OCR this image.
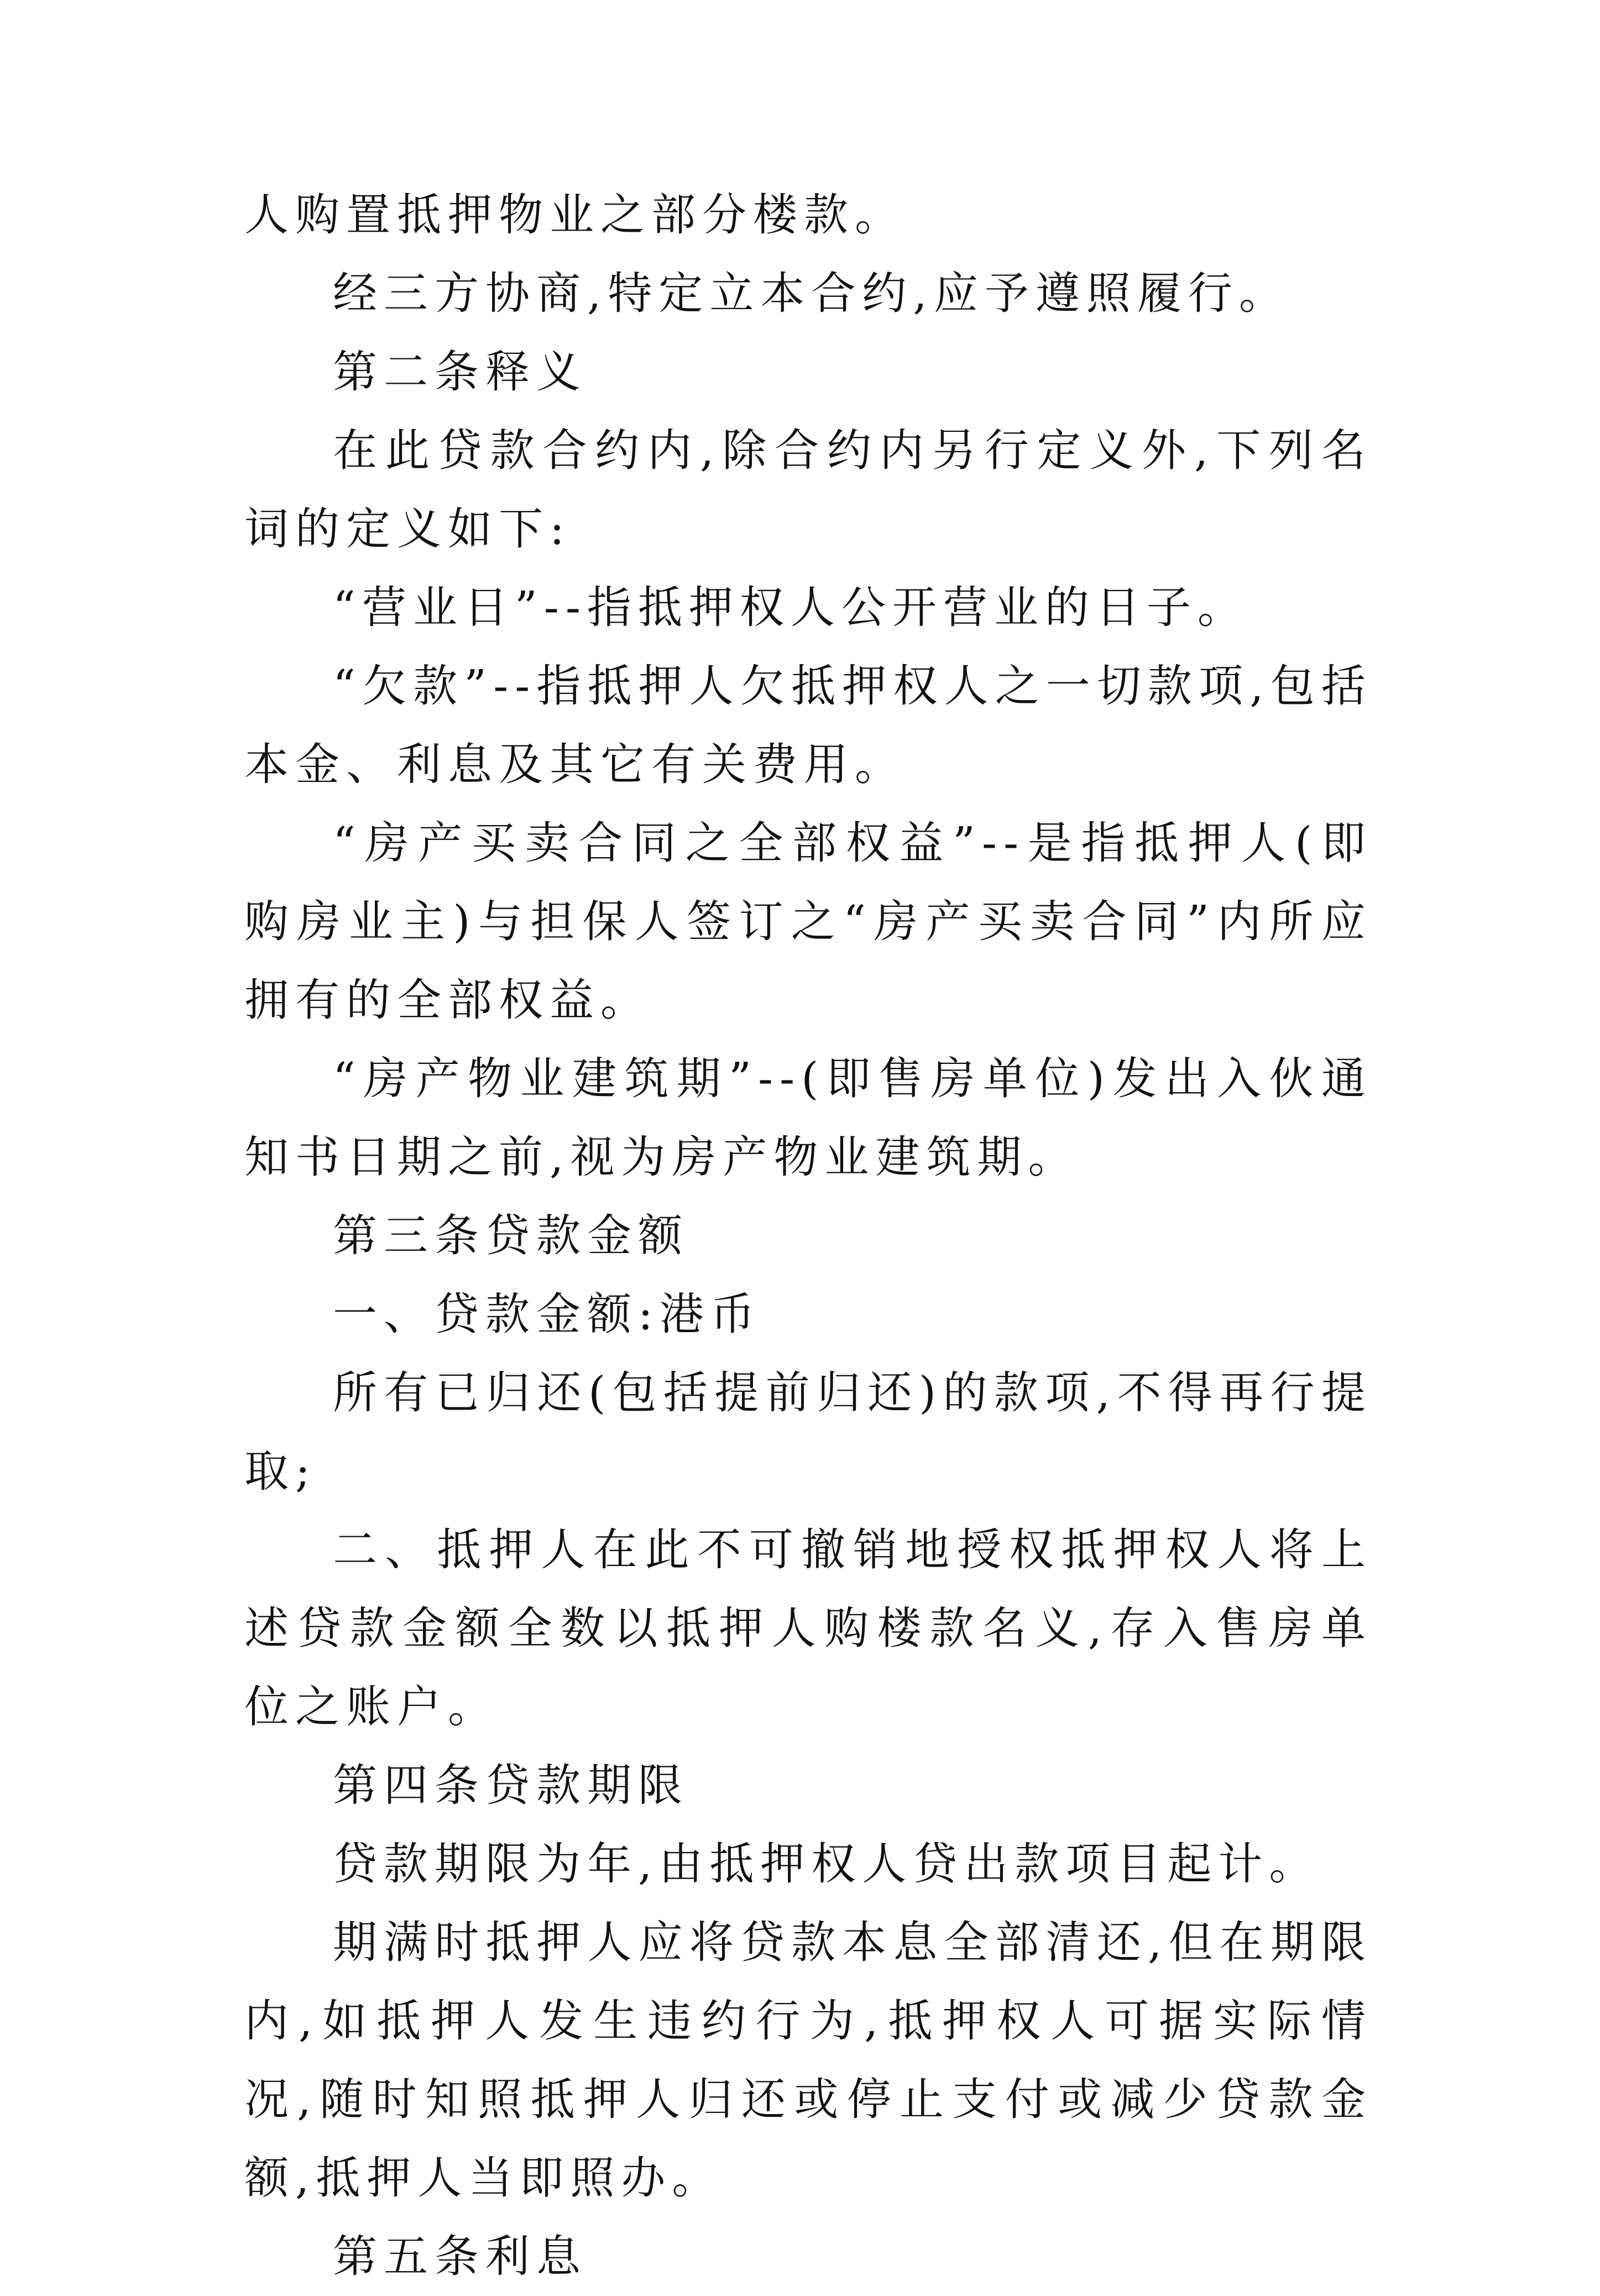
人购置抵押物业之部分楼款。

经三方协商,特定立本合约,应予遵照履行。

第二条释义

在此贷款合约内,除合约内另行定义外,下列名词的定义如下:

“营业日”--指抵押权人公开营业的日子。

“欠款”--指抵押人欠抵押权人之一切款项,包括本金、利息及其它有关费用。

“房产买卖合同之全部权益”--是指抵押人(即购房业主)与担保人签订之“房产买卖合同”内所应拥有的全部权益。

“房产物业建筑期”--(即售房单位)发出入伙通知书日期之前,视为房产物业建筑期。

第三条贷款金额

一、贷款金额:港币

所有已归还(包括提前归还)的款项,不得再行提取;

二、抵押人在此不可撤销地授权抵押权人将上述贷款金额全数以抵押人购楼款名义,存入售房单位之账户。

第四条贷款期限

贷款期限为年,由抵押权人贷出款项目起计。

期满时抵押人应将贷款本息全部清还,但在期限内,如抵押人发生违约行为,抵押权人可据实际情况,随时知照抵押人归还或停止支付或减少贷款金额,抵押人当即照办。

第五条利息
